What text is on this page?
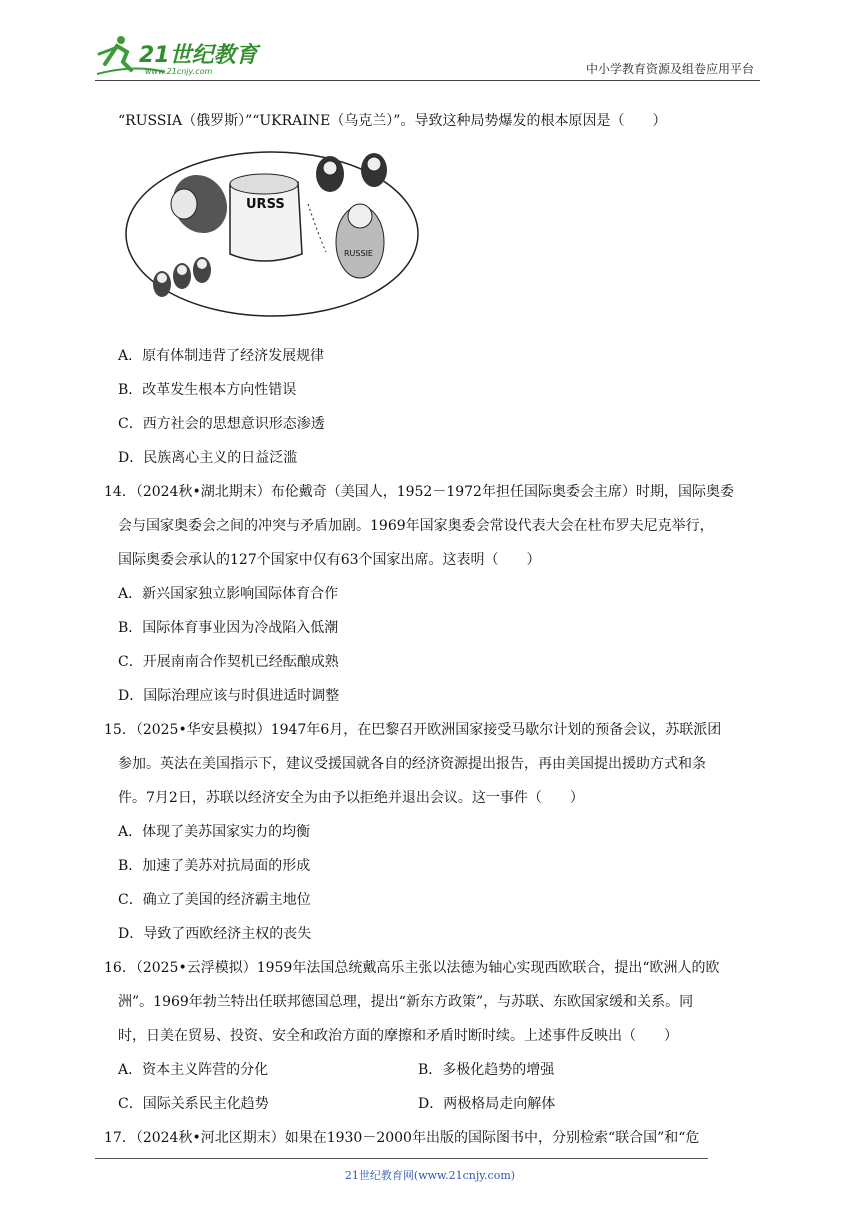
21世纪教育
www.21cnjy.com	中小学教育资源及组卷应用平台
“RUSSIA（俄罗斯）”“UKRAINE（乌克兰）”。导致这种局势爆发的根本原因是（　　）
URSS
RUSSIE
A．原有体制违背了经济发展规律
B．改革发生根本方向性错误
C．西方社会的思想意识形态渗透
D．民族离心主义的日益泛滥
14．（2024秋•湖北期末）布伦戴奇（美国人，1952－1972年担任国际奥委会主席）时期，国际奥委
会与国家奥委会之间的冲突与矛盾加剧。1969年国家奥委会常设代表大会在杜布罗夫尼克举行，
国际奥委会承认的127个国家中仅有63个国家出席。这表明（　　）
A．新兴国家独立影响国际体育合作
B．国际体育事业因为冷战陷入低潮
C．开展南南合作契机已经酝酿成熟
D．国际治理应该与时俱进适时调整
15．（2025•华安县模拟）1947年6月，在巴黎召开欧洲国家接受马歇尔计划的预备会议，苏联派团
参加。英法在美国指示下，建议受援国就各自的经济资源提出报告，再由美国提出援助方式和条
件。7月2日，苏联以经济安全为由予以拒绝并退出会议。这一事件（　　）
A．体现了美苏国家实力的均衡
B．加速了美苏对抗局面的形成
C．确立了美国的经济霸主地位
D．导致了西欧经济主权的丧失
16．（2025•云浮模拟）1959年法国总统戴高乐主张以法德为轴心实现西欧联合，提出“欧洲人的欧
洲”。1969年勃兰特出任联邦德国总理，提出“新东方政策”，与苏联、东欧国家缓和关系。同
时，日美在贸易、投资、安全和政治方面的摩擦和矛盾时断时续。上述事件反映出（　　）
A．资本主义阵营的分化	B．多极化趋势的增强
C．国际关系民主化趋势	D．两极格局走向解体
17．（2024秋•河北区期末）如果在1930－2000年出版的国际图书中，分别检索“联合国”和“危
21世纪教育网(www.21cnjy.com)
